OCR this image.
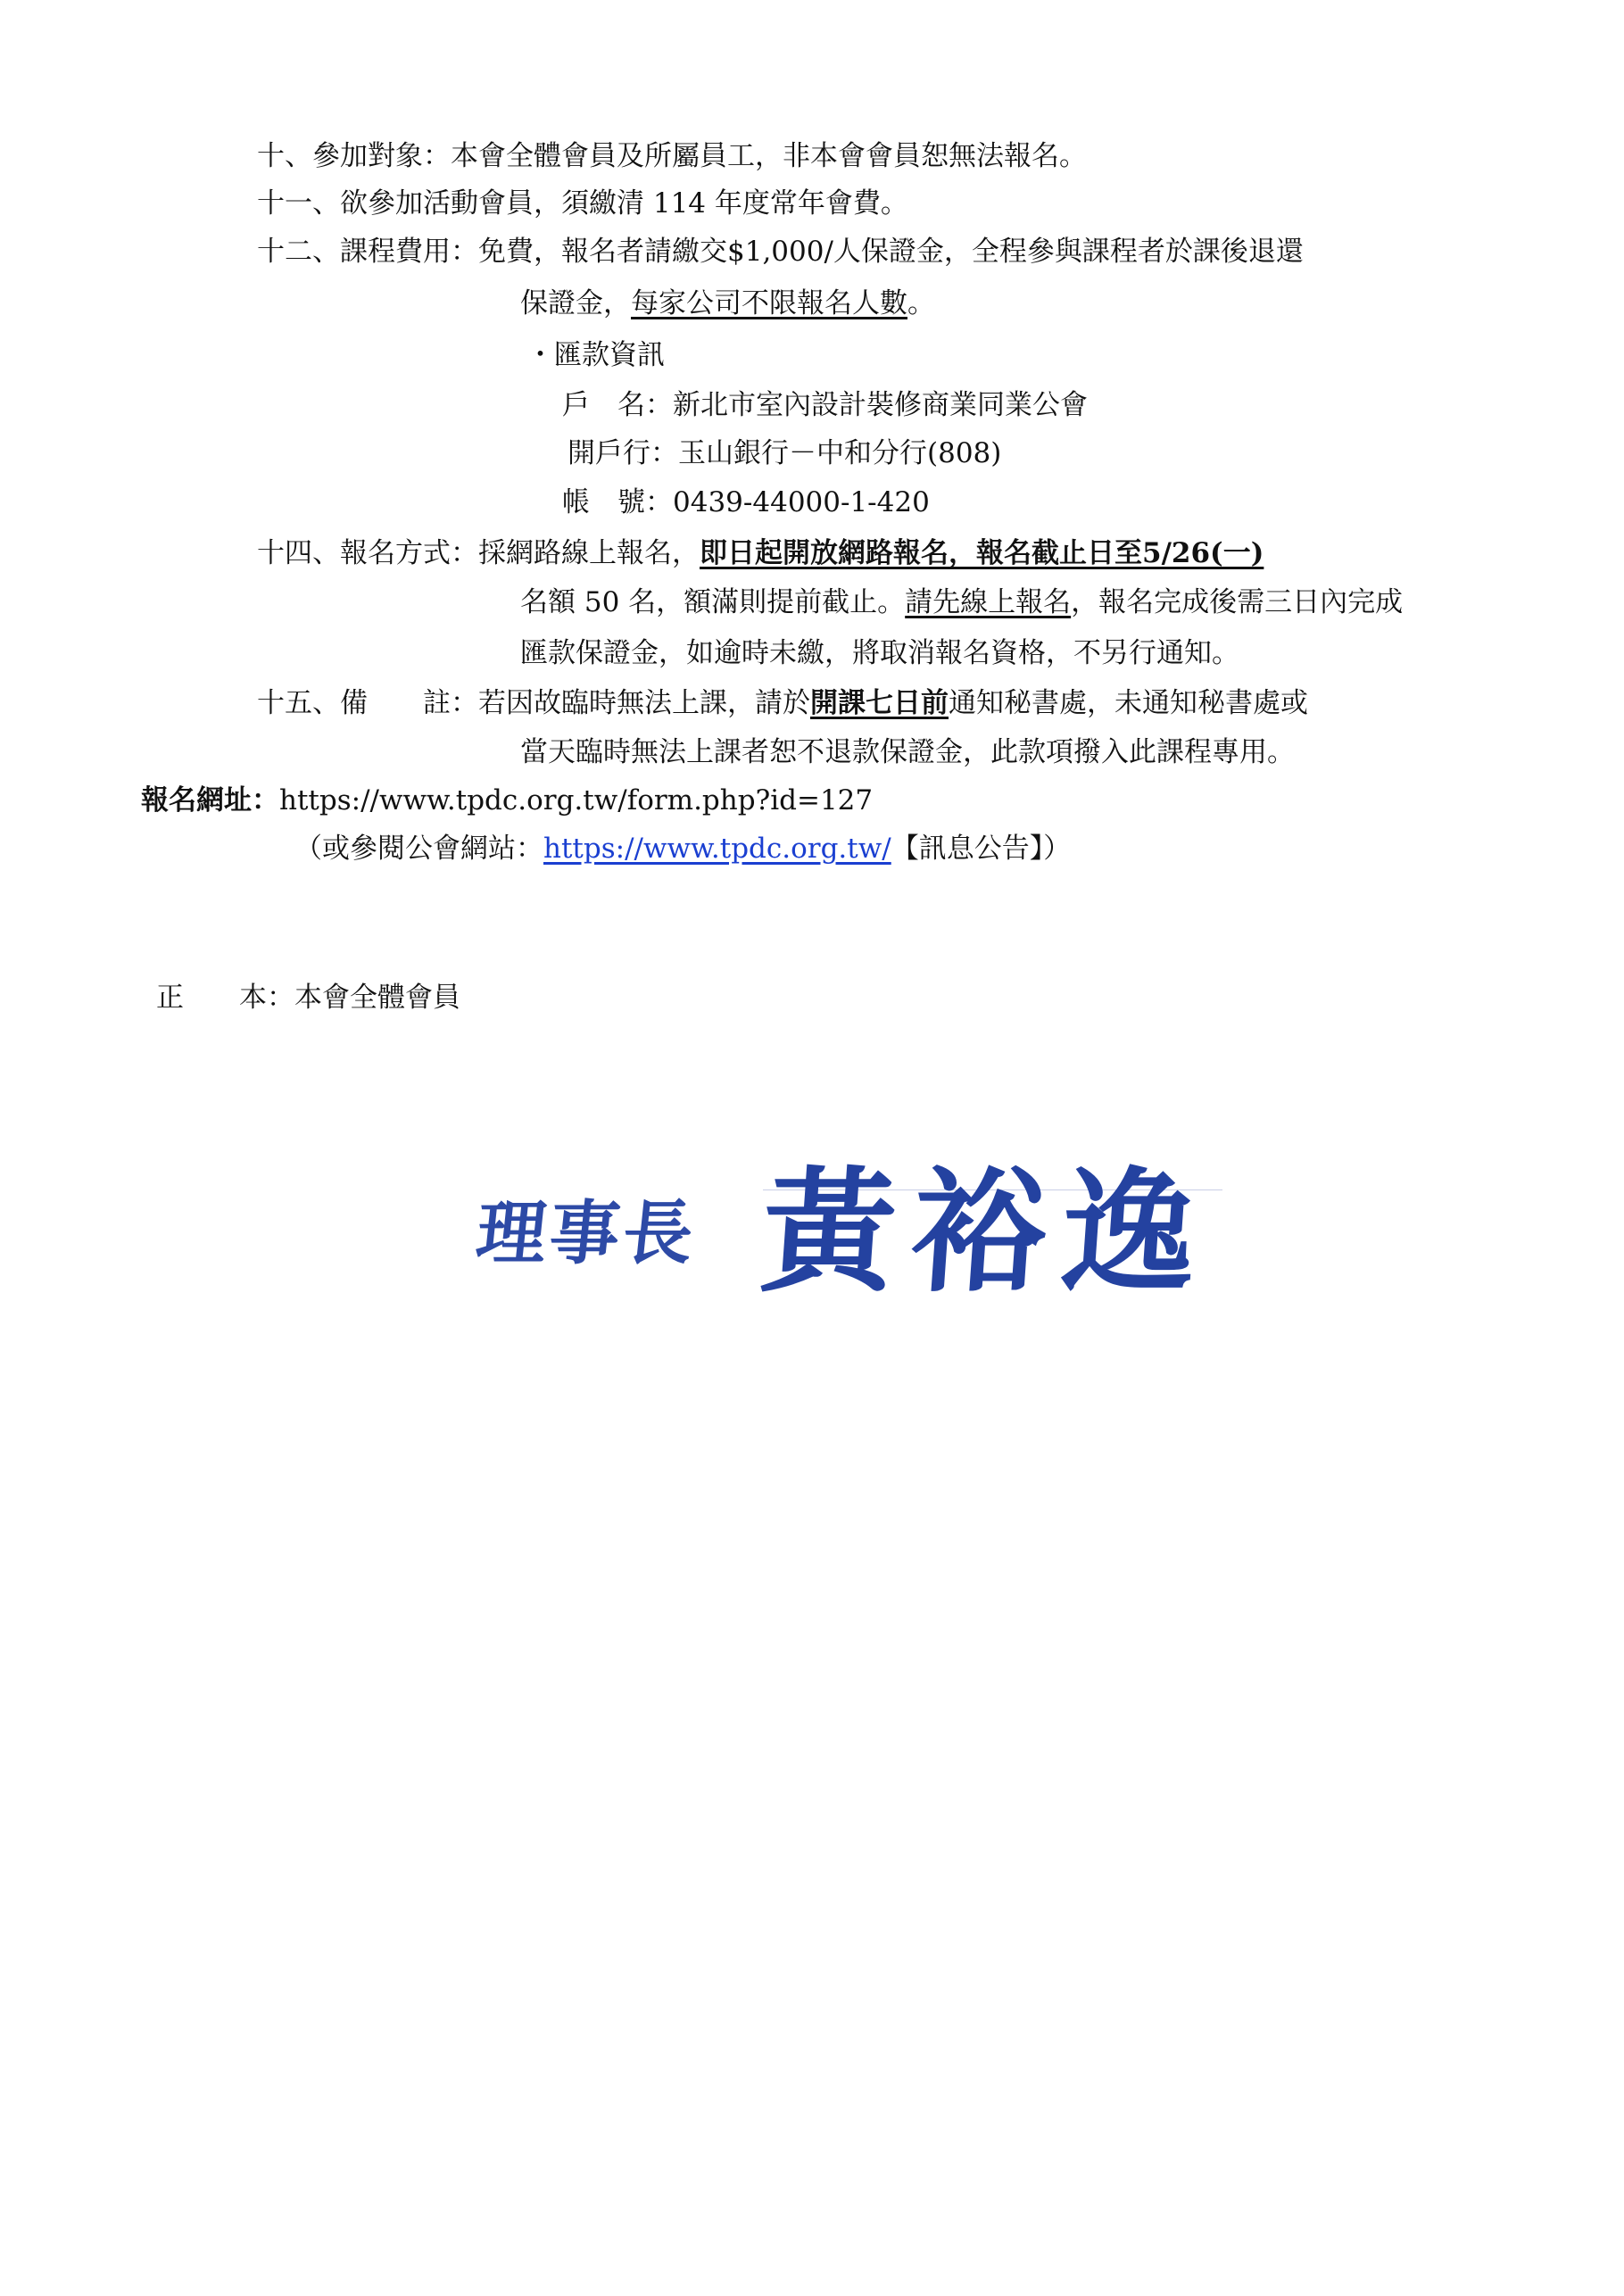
十、參加對象：本會全體會員及所屬員工，非本會會員恕無法報名。
十一、欲參加活動會員，須繳清 114 年度常年會費。
十二、課程費用：免費，報名者請繳交$1,000/人保證金，全程參與課程者於課後退還
保證金，每家公司不限報名人數。
・匯款資訊
戶　名：新北市室內設計裝修商業同業公會
開戶行：玉山銀行－中和分行(808)
帳　號：0439-44000-1-420
十四、報名方式：採網路線上報名，即日起開放網路報名，報名截止日至5/26(一)
名額 50 名，額滿則提前截止。請先線上報名，報名完成後需三日內完成
匯款保證金，如逾時未繳，將取消報名資格，不另行通知。
十五、備　　註：若因故臨時無法上課，請於開課七日前通知秘書處，未通知秘書處或
當天臨時無法上課者恕不退款保證金，此款項撥入此課程專用。
報名網址：https://www.tpdc.org.tw/form.php?id=127
（或參閱公會網站：https://www.tpdc.org.tw/【訊息公告】）
正　　本：本會全體會員
理事長 黃裕逸
